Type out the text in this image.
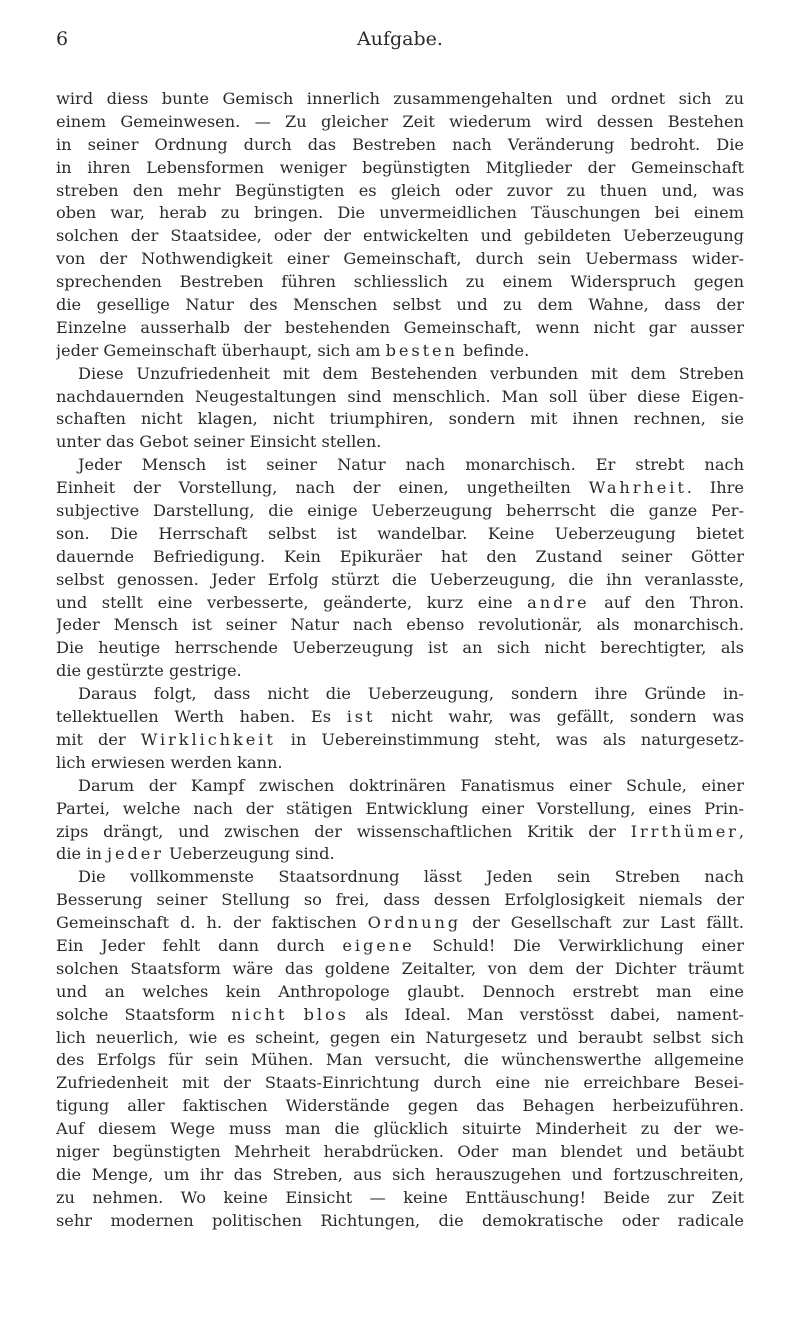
6	Aufgabe.
wird diess bunte Gemisch innerlich zusammengehalten und ordnet sich zu
einem Gemeinwesen. — Zu gleicher Zeit wiederum wird dessen Bestehen
in seiner Ordnung durch das Bestreben nach Veränderung bedroht. Die
in ihren Lebensformen weniger begünstigten Mitglieder der Gemeinschaft
streben den mehr Begünstigten es gleich oder zuvor zu thuen und, was
oben war, herab zu bringen. Die unvermeidlichen Täuschungen bei einem
solchen der Staatsidee, oder der entwickelten und gebildeten Ueberzeugung
von der Nothwendigkeit einer Gemeinschaft, durch sein Uebermass wider-
sprechenden Bestreben führen schliesslich zu einem Widerspruch gegen
die gesellige Natur des Menschen selbst und zu dem Wahne, dass der
Einzelne ausserhalb der bestehenden Gemeinschaft, wenn nicht gar ausser
jeder Gemeinschaft überhaupt, sich am besten befinde.
Diese Unzufriedenheit mit dem Bestehenden verbunden mit dem Streben
nachdauernden Neugestaltungen sind menschlich. Man soll über diese Eigen-
schaften nicht klagen, nicht triumphiren, sondern mit ihnen rechnen, sie
unter das Gebot seiner Einsicht stellen.
Jeder Mensch ist seiner Natur nach monarchisch. Er strebt nach
Einheit der Vorstellung, nach der einen, ungetheilten Wahrheit. Ihre
subjective Darstellung, die einige Ueberzeugung beherrscht die ganze Per-
son. Die Herrschaft selbst ist wandelbar. Keine Ueberzeugung bietet
dauernde Befriedigung. Kein Epikuräer hat den Zustand seiner Götter
selbst genossen. Jeder Erfolg stürzt die Ueberzeugung, die ihn veranlasste,
und stellt eine verbesserte, geänderte, kurz eine andre auf den Thron.
Jeder Mensch ist seiner Natur nach ebenso revolutionär, als monarchisch.
Die heutige herrschende Ueberzeugung ist an sich nicht berechtigter, als
die gestürzte gestrige.
Daraus folgt, dass nicht die Ueberzeugung, sondern ihre Gründe in-
tellektuellen Werth haben. Es ist nicht wahr, was gefällt, sondern was
mit der Wirklichkeit in Uebereinstimmung steht, was als naturgesetz-
lich erwiesen werden kann.
Darum der Kampf zwischen doktrinären Fanatismus einer Schule, einer
Partei, welche nach der stätigen Entwicklung einer Vorstellung, eines Prin-
zips drängt, und zwischen der wissenschaftlichen Kritik der Irrthümer,
die in jeder Ueberzeugung sind.
Die vollkommenste Staatsordnung lässt Jeden sein Streben nach
Besserung seiner Stellung so frei, dass dessen Erfolglosigkeit niemals der
Gemeinschaft d. h. der faktischen Ordnung der Gesellschaft zur Last fällt.
Ein Jeder fehlt dann durch eigene Schuld! Die Verwirklichung einer
solchen Staatsform wäre das goldene Zeitalter, von dem der Dichter träumt
und an welches kein Anthropologe glaubt. Dennoch erstrebt man eine
solche Staatsform nicht blos als Ideal. Man verstösst dabei, nament-
lich neuerlich, wie es scheint, gegen ein Naturgesetz und beraubt selbst sich
des Erfolgs für sein Mühen. Man versucht, die wünchenswerthe allgemeine
Zufriedenheit mit der Staats-Einrichtung durch eine nie erreichbare Besei-
tigung aller faktischen Widerstände gegen das Behagen herbeizuführen.
Auf diesem Wege muss man die glücklich situirte Minderheit zu der we-
niger begünstigten Mehrheit herabdrücken. Oder man blendet und betäubt
die Menge, um ihr das Streben, aus sich herauszugehen und fortzuschreiten,
zu nehmen. Wo keine Einsicht — keine Enttäuschung! Beide zur Zeit
sehr modernen politischen Richtungen, die demokratische oder radicale
